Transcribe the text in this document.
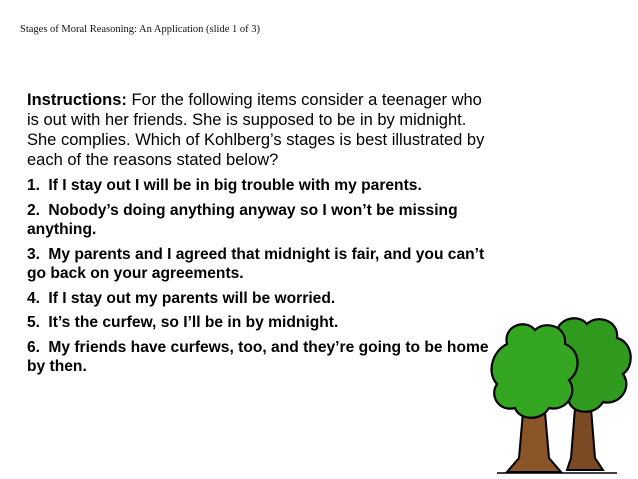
Stages of Moral Reasoning: An Application (slide 1 of 3)

Instructions: For the following items consider a teenager who is out with her friends. She is supposed to be in by midnight. She complies. Which of Kohlberg’s stages is best illustrated by each of the reasons stated below?

1. If I stay out I will be in big trouble with my parents.

2. Nobody’s doing anything anyway so I won’t be missing anything.

3. My parents and I agreed that midnight is fair, and you can’t go back on your agreements.

4. If I stay out my parents will be worried.

5. It’s the curfew, so I’ll be in by midnight.

6. My friends have curfews, too, and they’re going to be home by then.
